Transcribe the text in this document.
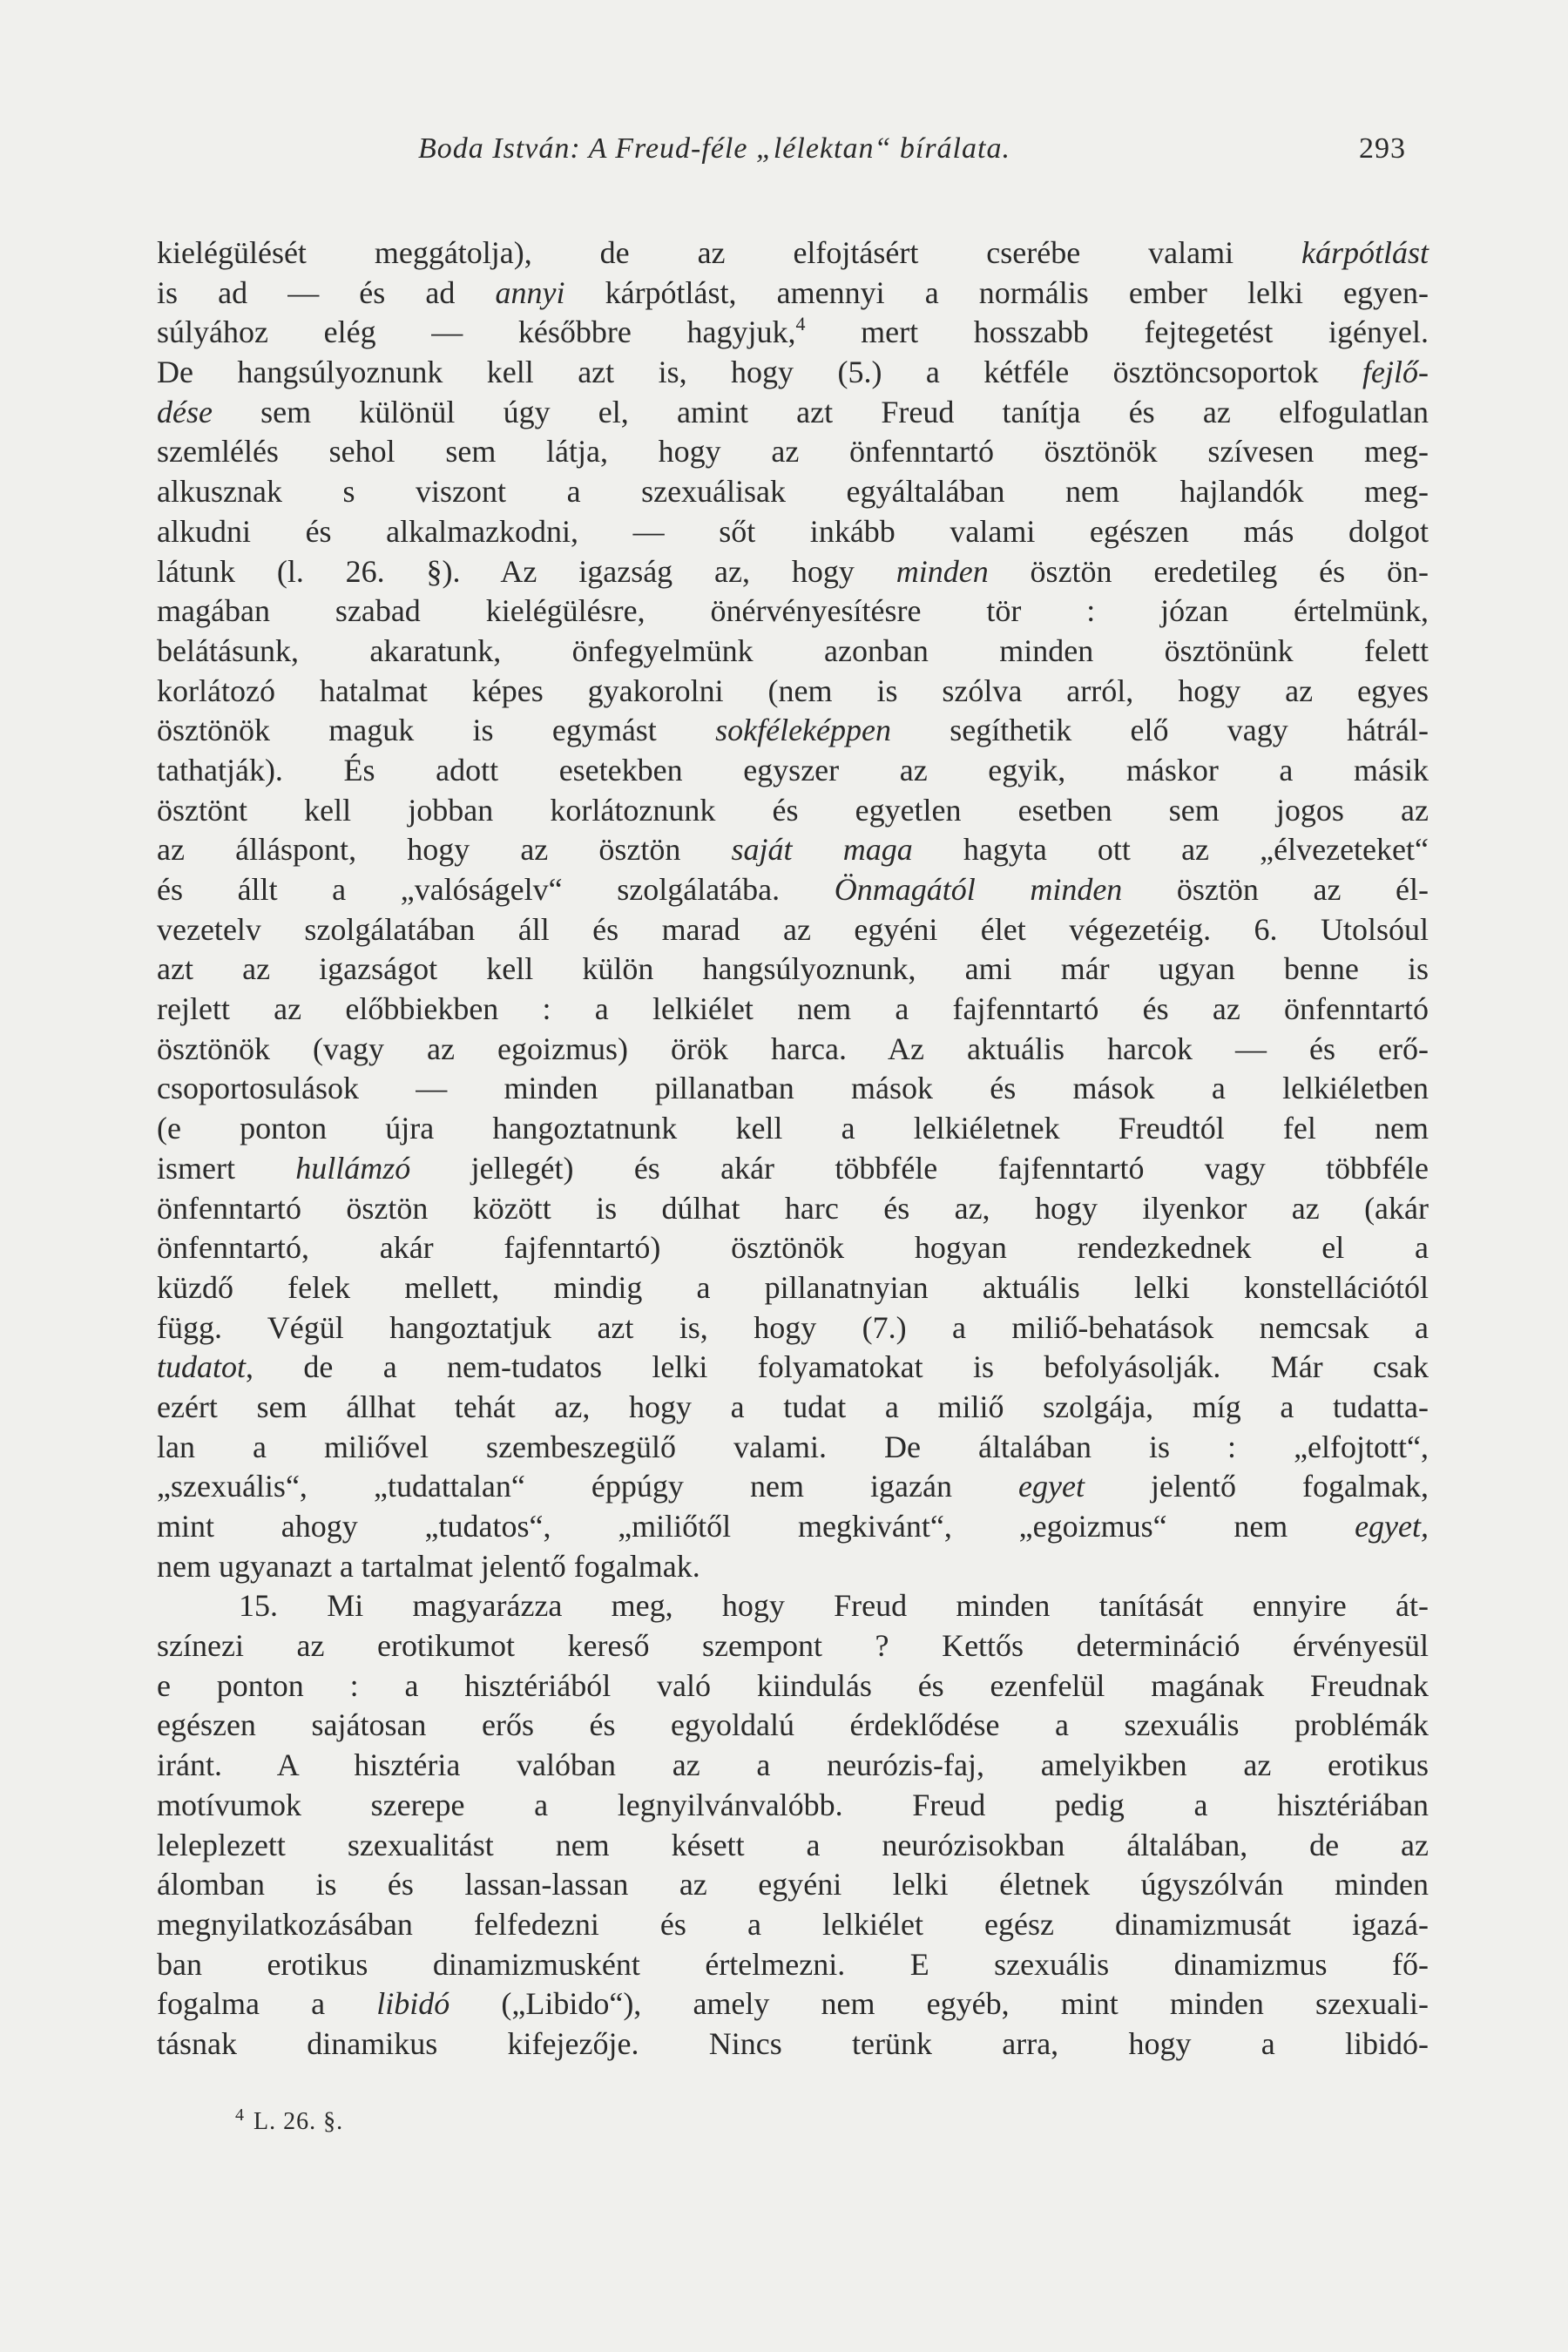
Boda István: A Freud-féle „lélektan“ bírálata.	293
kielégülését meggátolja), de az elfojtásért cserébe valami kárpótlást
is ad — és ad annyi kárpótlást, amennyi a normális ember lelki egyen-
súlyához elég — későbbre hagyjuk,$^4$ mert hosszabb fejtegetést igényel.
De hangsúlyoznunk kell azt is, hogy (5.) a kétféle ösztöncsoportok fejlő-
dése sem különül úgy el, amint azt Freud tanítja és az elfogulatlan
szemlélés sehol sem látja, hogy az önfenntartó ösztönök szívesen meg-
alkusznak s viszont a szexuálisak egyáltalában nem hajlandók meg-
alkudni és alkalmazkodni, — sőt inkább valami egészen más dolgot
látunk (l. 26. §). Az igazság az, hogy minden ösztön eredetileg és ön-
magában szabad kielégülésre, önérvényesítésre tör : józan értelmünk,
belátásunk, akaratunk, önfegyelmünk azonban minden ösztönünk felett
korlátozó hatalmat képes gyakorolni (nem is szólva arról, hogy az egyes
ösztönök maguk is egymást sokféleképpen segíthetik elő vagy hátrál-
tathatják). És adott esetekben egyszer az egyik, máskor a másik
ösztönt kell jobban korlátoznunk és egyetlen esetben sem jogos az
az álláspont, hogy az ösztön saját maga hagyta ott az „élvezeteket“
és állt a „valóságelv“ szolgálatába. Önmagától minden ösztön az él-
vezetelv szolgálatában áll és marad az egyéni élet végezetéig. 6. Utolsóul
azt az igazságot kell külön hangsúlyoznunk, ami már ugyan benne is
rejlett az előbbiekben : a lelkiélet nem a fajfenntartó és az önfenntartó
ösztönök (vagy az egoizmus) örök harca. Az aktuális harcok — és erő-
csoportosulások — minden pillanatban mások és mások a lelkiéletben
(e ponton újra hangoztatnunk kell a lelkiéletnek Freudtól fel nem
ismert hullámzó jellegét) és akár többféle fajfenntartó vagy többféle
önfenntartó ösztön között is dúlhat harc és az, hogy ilyenkor az (akár
önfenntartó, akár fajfenntartó) ösztönök hogyan rendezkednek el a
küzdő felek mellett, mindig a pillanatnyian aktuális lelki konstellációtól
függ. Végül hangoztatjuk azt is, hogy (7.) a miliő-behatások nemcsak a
tudatot, de a nem-tudatos lelki folyamatokat is befolyásolják. Már csak
ezért sem állhat tehát az, hogy a tudat a miliő szolgája, míg a tudatta-
lan a miliővel szembeszegülő valami. De általában is : „elfojtott“,
„szexuális“, „tudattalan“ éppúgy nem igazán egyet jelentő fogalmak,
mint ahogy „tudatos“, „miliőtől megkivánt“, „egoizmus“ nem egyet,
nem ugyanazt a tartalmat jelentő fogalmak.
15. Mi magyarázza meg, hogy Freud minden tanítását ennyire át-
színezi az erotikumot kereső szempont ? Kettős determináció érvényesül
e ponton : a hisztériából való kiindulás és ezenfelül magának Freudnak
egészen sajátosan erős és egyoldalú érdeklődése a szexuális problémák
iránt. A hisztéria valóban az a neurózis-faj, amelyikben az erotikus
motívumok szerepe a legnyilvánvalóbb. Freud pedig a hisztériában
leleplezett szexualitást nem késett a neurózisokban általában, de az
álomban is és lassan-lassan az egyéni lelki életnek úgyszólván minden
megnyilatkozásában felfedezni és a lelkiélet egész dinamizmusát igazá-
ban erotikus dinamizmusként értelmezni. E szexuális dinamizmus fő-
fogalma a libidó („Libido“), amely nem egyéb, mint minden szexuali-
tásnak dinamikus kifejezője. Nincs terünk arra, hogy a libidó-
$^4$ L. 26. §.
